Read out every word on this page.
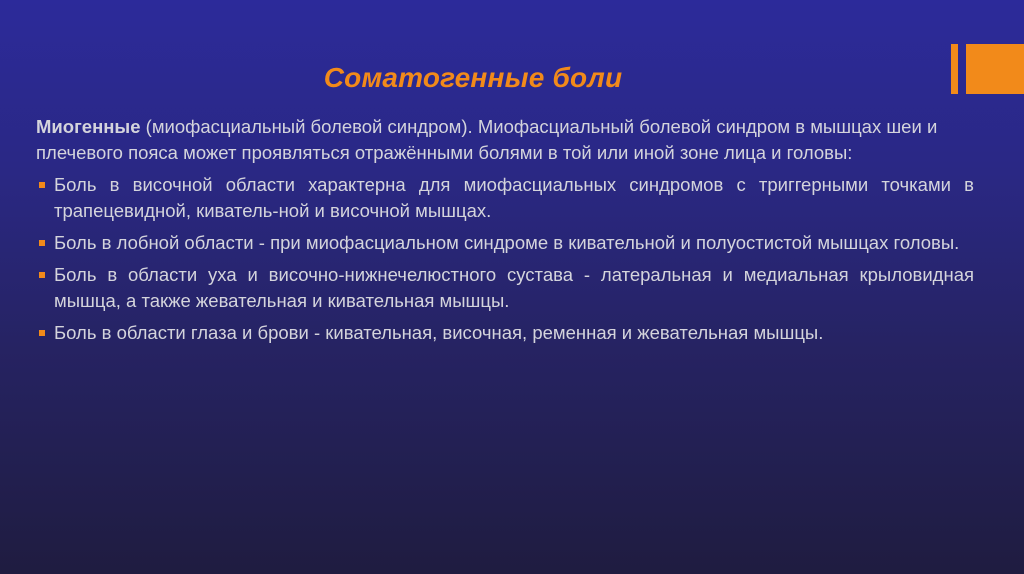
Соматогенные боли

Миогенные (миофасциальный болевой синдром). Миофасциальный болевой синдром в мышцах шеи и плечевого пояса может проявляться отражёнными болями в той или иной зоне лица и головы:

Боль в височной области характерна для миофасциальных синдромов с триггерными точками в трапецевидной, киватель-ной и височной мышцах.
Боль в лобной области - при миофасциальном синдроме в кивательной и полуостистой мышцах головы.
Боль в области уха и височно-нижнечелюстного сустава - латеральная и медиальная крыловидная мышца, а также жевательная и кивательная мышцы.
Боль в области глаза и брови - кивательная, височная, ременная и жевательная мышцы.
